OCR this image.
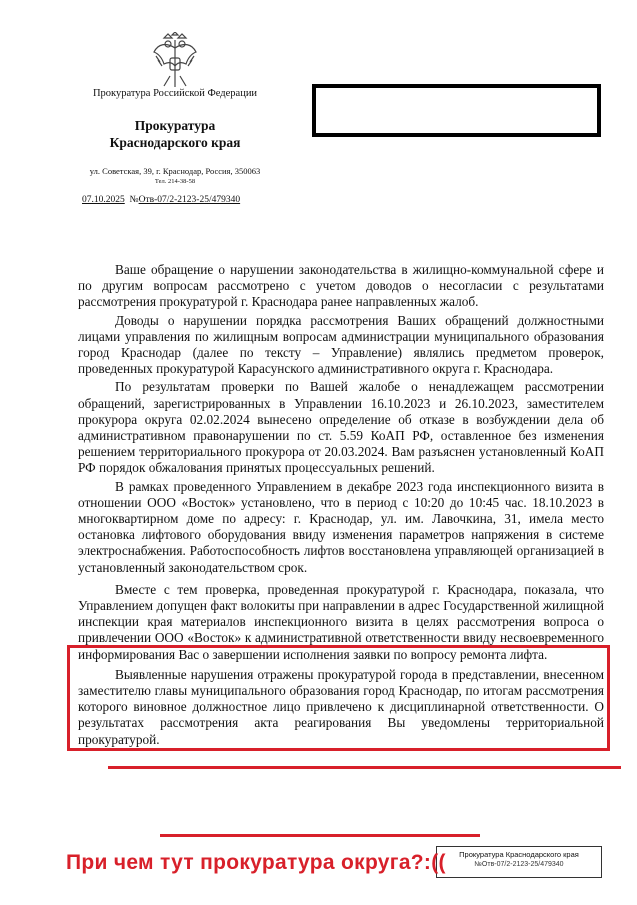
Прокуратура Российской Федерации
Прокуратура
Краснодарского края
ул. Советская, 39, г. Краснодар, Россия, 350063
Тел. 214-38-58
07.10.2025 №Отв-07/2-2123-25/479340

Ваше обращение о нарушении законодательства в жилищно-коммунальной сфере и по другим вопросам рассмотрено с учетом доводов о несогласии с результатами рассмотрения прокуратурой г. Краснодара ранее направленных жалоб.

Доводы о нарушении порядка рассмотрения Ваших обращений должностными лицами управления по жилищным вопросам администрации муниципального образования город Краснодар (далее по тексту – Управление) являлись предметом проверок, проведенных прокуратурой Карасунского административного округа г. Краснодара.

По результатам проверки по Вашей жалобе о ненадлежащем рассмотрении обращений, зарегистрированных в Управлении 16.10.2023 и 26.10.2023, заместителем прокурора округа 02.02.2024 вынесено определение об отказе в возбуждении дела об административном правонарушении по ст. 5.59 КоАП РФ, оставленное без изменения решением территориального прокурора от 20.03.2024. Вам разъяснен установленный КоАП РФ порядок обжалования принятых процессуальных решений.

В рамках проведенного Управлением в декабре 2023 года инспекционного визита в отношении ООО «Восток» установлено, что в период с 10:20 до 10:45 час. 18.10.2023 в многоквартирном доме по адресу: г. Краснодар, ул. им. Лавочкина, 31, имела место остановка лифтового оборудования ввиду изменения параметров напряжения в системе электроснабжения. Работоспособность лифтов восстановлена управляющей организацией в установленный законодательством срок.

Вместе с тем проверка, проведенная прокуратурой г. Краснодара, показала, что Управлением допущен факт волокиты при направлении в адрес Государственной жилищной инспекции края материалов инспекционного визита в целях рассмотрения вопроса о привлечении ООО «Восток» к административной ответственности ввиду несвоевременного информирования Вас о завершении исполнения заявки по вопросу ремонта лифта.

Выявленные нарушения отражены прокуратурой города в представлении, внесенном заместителю главы муниципального образования город Краснодар, по итогам рассмотрения которого виновное должностное лицо привлечено к дисциплинарной ответственности. О результатах рассмотрения акта реагирования Вы уведомлены территориальной прокуратурой.

Прокуратура Краснодарского края
№Отв-07/2-2123-25/479340
При чем тут прокуратура округа?:((
